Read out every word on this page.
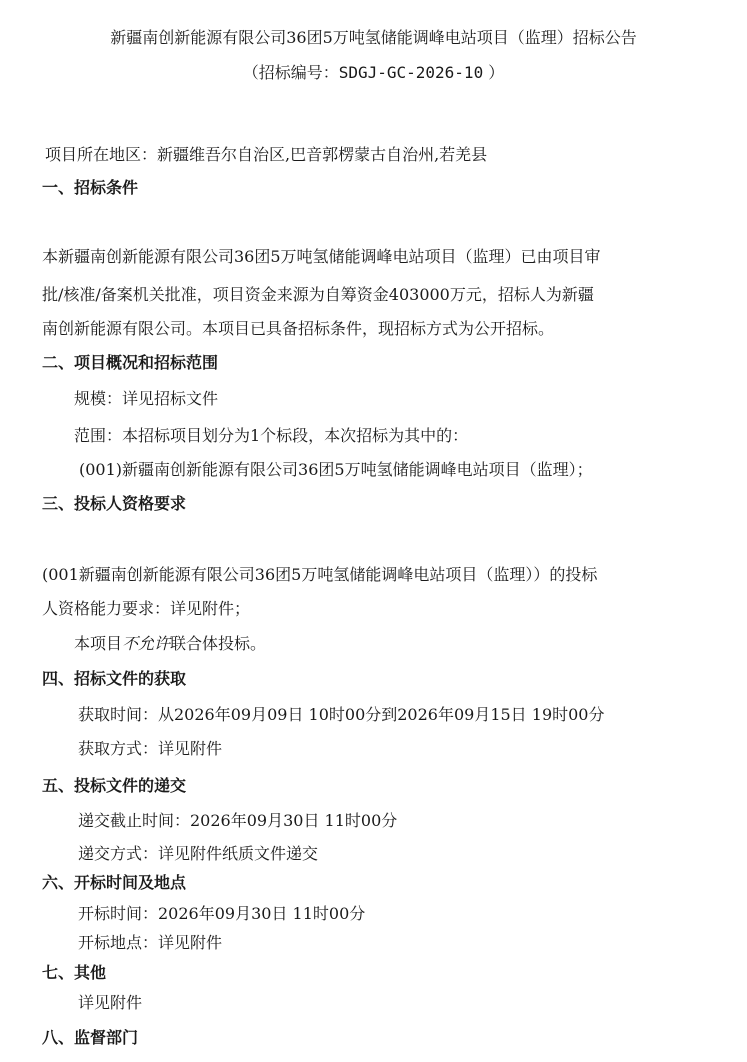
新疆南创新能源有限公司36团5万吨氢储能调峰电站项目（监理）招标公告
（招标编号：SDGJ-GC-2026-10 ）
项目所在地区：新疆维吾尔自治区,巴音郭楞蒙古自治州,若羌县
一、招标条件
本新疆南创新能源有限公司36团5万吨氢储能调峰电站项目（监理）已由项目审
批/核准/备案机关批准，项目资金来源为自筹资金403000万元，招标人为新疆
南创新能源有限公司。本项目已具备招标条件，现招标方式为公开招标。
二、项目概况和招标范围
规模：详见招标文件
范围：本招标项目划分为1个标段，本次招标为其中的：
(001)新疆南创新能源有限公司36团5万吨氢储能调峰电站项目（监理）；
三、投标人资格要求
(001新疆南创新能源有限公司36团5万吨氢储能调峰电站项目（监理））的投标
人资格能力要求：详见附件；
本项目不允许联合体投标。
四、招标文件的获取
获取时间：从2026年09月09日 10时00分到2026年09月15日 19时00分
获取方式：详见附件
五、投标文件的递交
递交截止时间：2026年09月30日 11时00分
递交方式：详见附件纸质文件递交
六、开标时间及地点
开标时间：2026年09月30日 11时00分
开标地点：详见附件
七、其他
详见附件
八、监督部门
